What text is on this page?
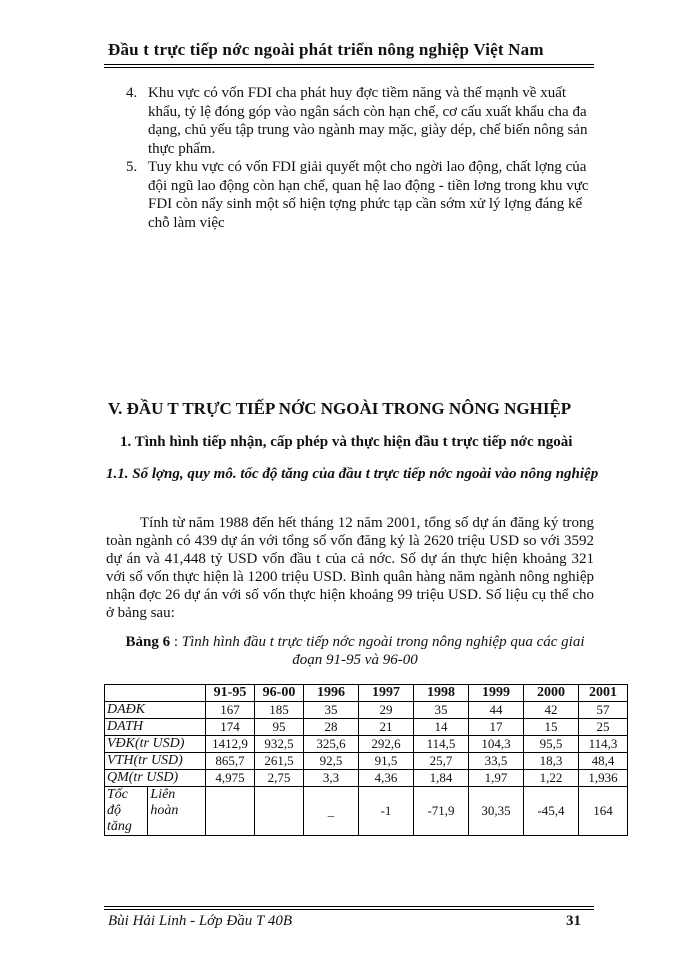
Đầu t trực tiếp nớc ngoài phát triển nông nghiệp Việt Nam
4. Khu vực có vốn FDI cha phát huy đợc tiềm năng và thế mạnh về xuất khẩu, tỷ lệ đóng góp vào ngân sách còn hạn chế, cơ cấu xuất khẩu cha đa dạng, chủ yếu tập trung vào ngành may mặc, giày dép, chế biến nông sản thực phẩm.
5. Tuy khu vực có vốn FDI giải quyết một cho ngời lao động, chất lợng của đội ngũ lao động còn hạn chế, quan hệ lao động - tiền lơng trong khu vực FDI còn nẩy sinh một số hiện tợng phức tạp cần sớm xử lý lợng đáng kể chỗ làm việc
V. ĐẦU T TRỰC TIẾP NỚC NGOÀI TRONG NÔNG NGHIỆP
1. Tình hình tiếp nhận, cấp phép và thực hiện đầu t trực tiếp nớc ngoài
1.1. Số lợng, quy mô. tốc độ tăng của đầu t trực tiếp nớc ngoài vào nông nghiệp
Tính từ năm 1988 đến hết tháng 12 năm 2001, tổng số dự án đăng ký trong toàn ngành có 439 dự án với tổng số vốn đăng ký là 2620 triệu USD so với 3592 dự án và 41,448 tỷ USD vốn đầu t của cả nớc. Số dự án thực hiện khoảng 321 với số vốn thực hiện là 1200 triệu USD. Bình quân hàng năm ngành nông nghiệp nhận đợc 26 dự án với số vốn thực hiện khoảng 99 triệu USD. Số liệu cụ thể cho ở bảng sau:
Bảng 6 : Tình hình đầu t trực tiếp nớc ngoài trong nông nghiệp qua các giai đoạn 91-95 và 96-00
		91-95	96-00	1996	1997	1998	1999	2000	2001
DAĐK		167	185	35	29	35	44	42	57
DATH		174	95	28	21	14	17	15	25
VĐK(tr USD)		1412,9	932,5	325,6	292,6	114,5	104,3	95,5	114,3
VTH(tr USD)		865,7	261,5	92,5	91,5	25,7	33,5	18,3	48,4
QM(tr USD)		4,975	2,75	3,3	4,36	1,84	1,97	1,22	1,936
Tốc độ tăng	Liên hoàn			_	-1	-71,9	30,35	-45,4	164
Bùi Hải Linh - Lớp Đầu T 40B	31
